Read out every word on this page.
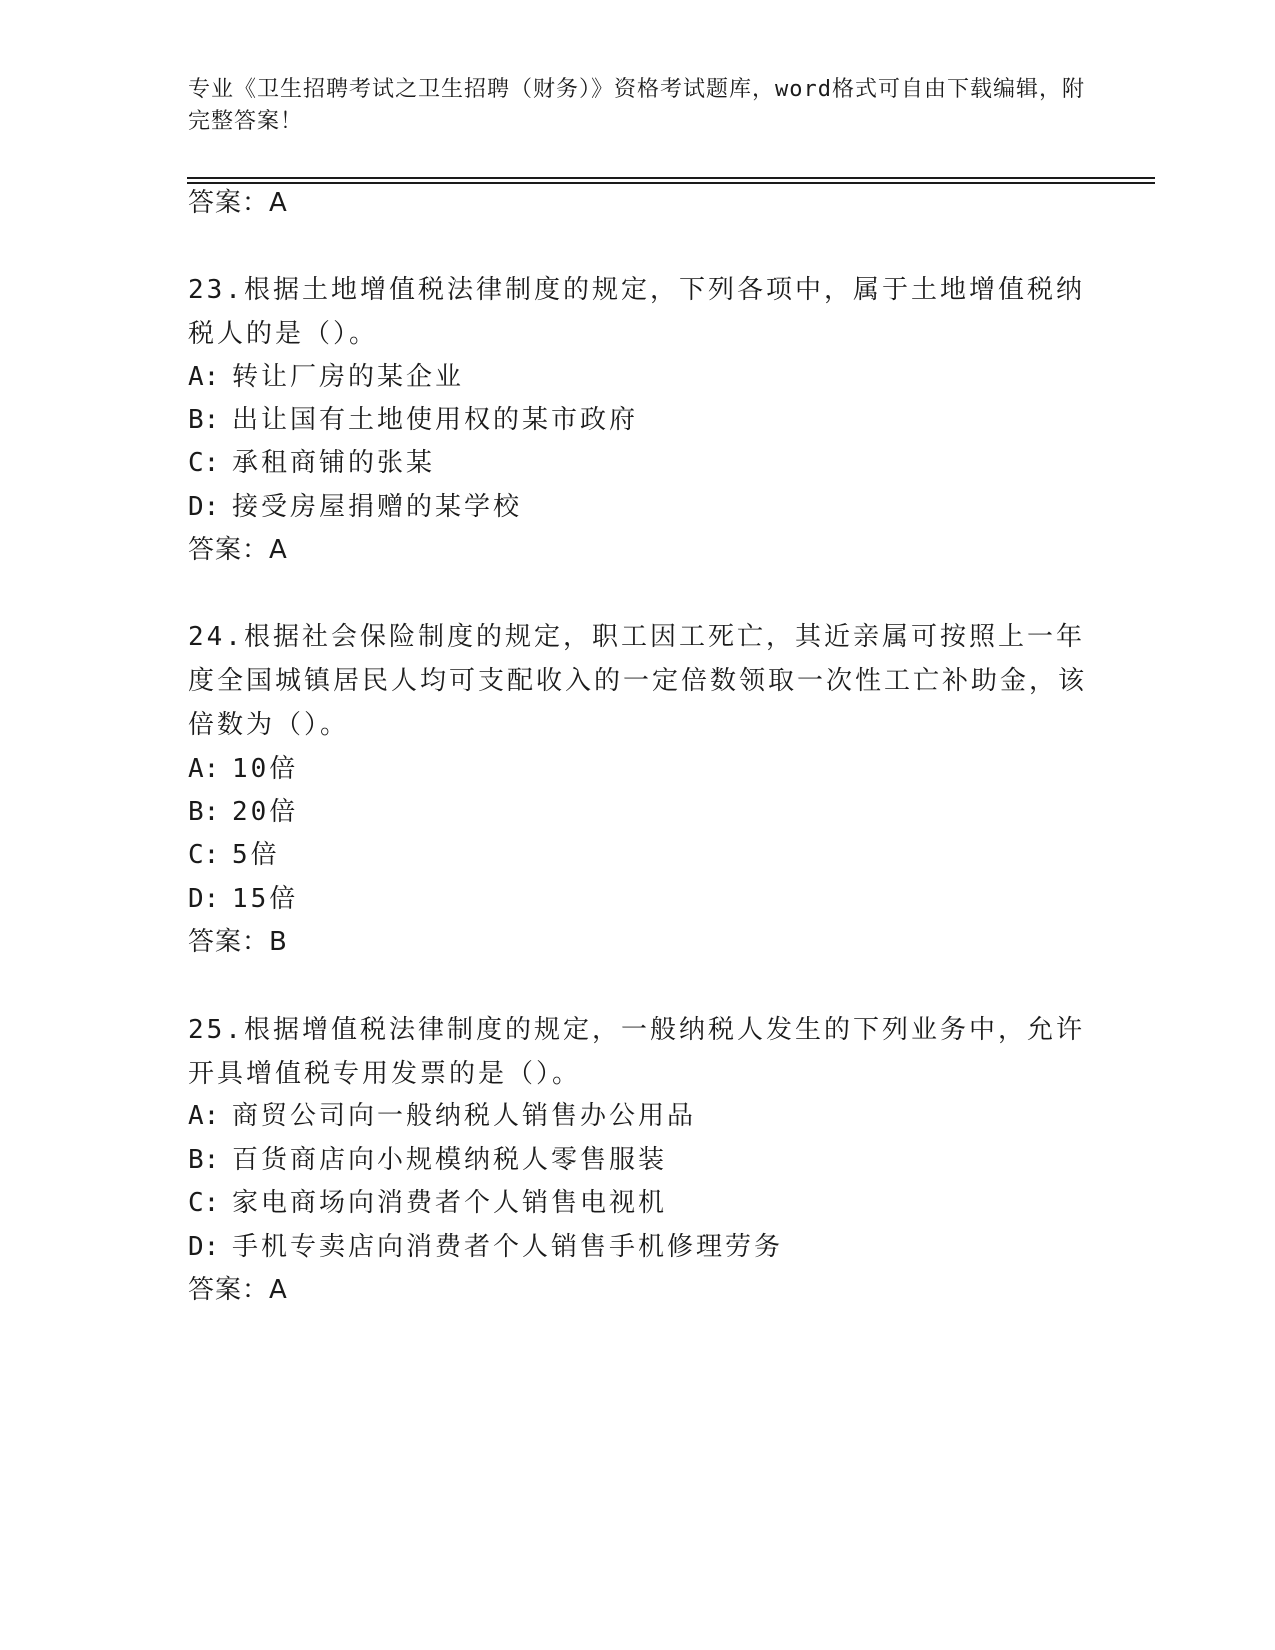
专业《卫生招聘考试之卫生招聘（财务）》资格考试题库，word格式可自由下载编辑，附完整答案！
答案：A
23.根据土地增值税法律制度的规定，下列各项中，属于土地增值税纳税人的是（）。
A: 转让厂房的某企业
B: 出让国有土地使用权的某市政府
C: 承租商铺的张某
D: 接受房屋捐赠的某学校
答案：A
24.根据社会保险制度的规定，职工因工死亡，其近亲属可按照上一年度全国城镇居民人均可支配收入的一定倍数领取一次性工亡补助金，该倍数为（）。
A: 10倍
B: 20倍
C: 5倍
D: 15倍
答案：B
25.根据增值税法律制度的规定，一般纳税人发生的下列业务中，允许开具增值税专用发票的是（）。
A: 商贸公司向一般纳税人销售办公用品
B: 百货商店向小规模纳税人零售服装
C: 家电商场向消费者个人销售电视机
D: 手机专卖店向消费者个人销售手机修理劳务
答案：A
